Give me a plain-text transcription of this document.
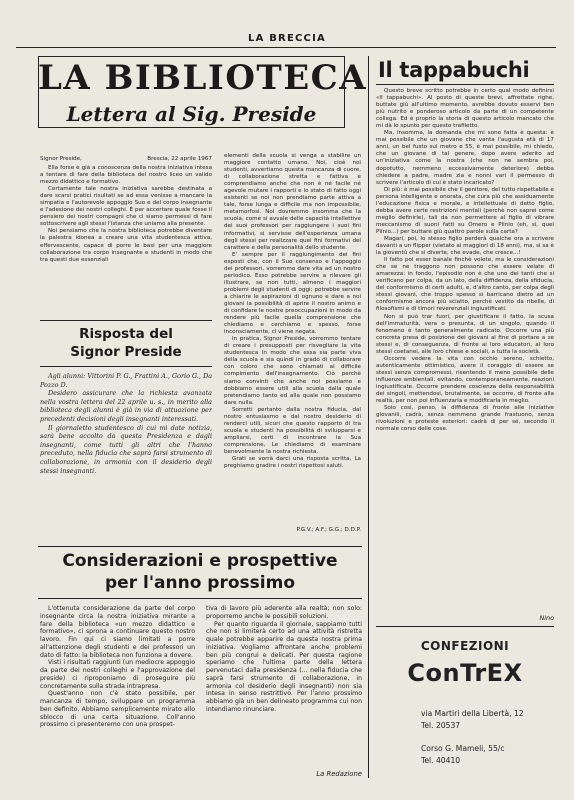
LA BRECCIA
LA BIBLIOTECA
Lettera al Sig. Preside
Signor Preside,	Brescia, 22 aprile 1967

Ella forse è già a conoscenza della nostra iniziativa intesa a tentare di fare della biblioteca del nostro liceo un valido mezzo didattico e formativo.

Certamente tale nostra iniziativa sarebbe destinata a dare scarsi pratici risultati se ad essa venisse a mancare la simpatia e l'autorevole appoggio Suo e del corpo insegnante e l'adesione dei nostri colleghi. È per accertare quale fosse il pensiero dei nostri compagni che ci siamo permessi di fare sottoscrivere agli stessi l'istanza che uniamo alla presente.

Noi pensiamo che la nostra biblioteca potrebbe diventare la palestra idonea a creare una vita studentesca attiva, effervescente, capace di porre le basi per una maggiore collaborazione tra corpo insegnante e studenti in modo che tra questi due essenziali

elementi della scuola si venga a stabilire un maggiore contatto umano. Noi, cioè noi studenti, avvertiamo questa mancanza di cuore, di collaborazione stretta e fattiva e comprendiamo anche che non è né facile né agevole mutare i rapporti e lo stato di fatto oggi esistenti se noi non prendiamo parte attiva a tale, forse lunga e difficile ma non impossibile, metamorfosi. Noi dovremmo insomma che la scuola, come si avvale delle capacità intellettive dei suoi professori per raggiungere i suoi fini informativi, si servisse dell'esperienza umana degli stessi per realizzare quei fini formativi del carattere e della personalità dello studente.

E' sempre per il raggiungimento dei fini esposti che, con il Suo consenso e l'appoggio dei professori, vorremmo dare vita ad un nostro periodico. Esso potrebbe servire a rilevare gli illustrare, se non tutti, almeno i maggiori problemi degli studenti di oggi; potrebbe servire a chiarire le aspirazioni di ognuno e dare a noi giovani la possibilità di aprire il nostro animo e di confidare le nostre preoccupazioni in modo da rendere più facile quella comprensione che chiediamo e cerchiamo e spesso, forse inconsciamente, ci viene negata.

In pratica, Signor Preside, vorremmo tentare di creare i presupposti per risvegliare la vita studentesca in modo che essa sia parte viva della scuola e sia quindi in grado di collaborare con coloro che sono chiamati al difficile compimento dell'insegnamento. Ciò perchè siamo convinti che anche noi possiamo e dobbiamo essere utili alla scuola dalla quale pretendiamo tanto ed alla quale non possiamo dare nulla.

Sorretti pertanto dalla nostra fiducia, dal nostro entusiasmo e dal nostro desiderio di renderci utili, sicuri che questo rapporto di tra scuola e studenti ha possibilità di svilupparsi e ampliarsi, certi di incontrare la Sua comprensione, Le chiediamo di esaminare benevolmente la nostra richiesta.

Grati se vorrà darci una risposta scritta, La preghiamo gradire i nostri rispettosi saluti.

P.G.V.; A.F.; G.G.; D.D.P.
Risposta del
Signor Preside

Agli alunni: Vittorini P. G., Frattini A., Gorio G., Da Pozzo D.

Desidero assicurare che la richiesta avanzata nella vostra lettera del 22 aprile u. s., in merito alla biblioteca degli alunni è già in via di attuazione per precedenti decisioni degli insegnanti interessati.

Il giornaletto studentesco di cui mi date notizia, sarà bene accolto da questa Presidenza e dagli insegnanti, come tutti gli altri che l'hanno preceduto, nella fiducia che saprà farsi strumento di collaborazione, in armonia con il desiderio degli stessi insegnanti.

Considerazioni e prospettive
per l'anno prossimo

L'ottenuta considerazione da parte del corpo insegnante circa la nostra iniziativa mirante a fare della biblioteca «un mezzo didattico e formativo», ci sprona a continuare questo nostro lavoro. Fin qui ci siamo limitati a porre all'attenzione degli studenti e dei professori un dato di fatto: la biblioteca non funziona a dovere.

Visti i risultati raggiunti (un mediocre appoggio da parte dei nostri colleghi e l'approvazione del preside) ci riproponiamo di proseguire più concretamente sulla strada intrapresa.

Quest'anno non c'è stato possibile, per mancanza di tempo, sviluppare un programma ben definito. Abbiamo semplicemente mirato allo sblocco di una certa situazione. Coll'anno prossimo ci presenteremo con una prospet-

tiva di lavoro più aderente alla realtà; non solo: proporremo anche le possibili soluzioni.

Per quanto riguarda il giornale, sappiamo tutti che non si limiterà certo ad una attività ristretta quale potrebbe apparire da questa nostra prima iniziativa. Vogliamo affrontare anche problemi ben più congrui e delicati. Per questa ragione speriamo che l'ultima parte della lettera pervenutaci dalla presidenza (... nella fiducia che saprà farsi strumento di collaborazione, in armonia col desiderio degli insegnanti) non sia intesa in senso restrittivo. Per l'anno prossimo abbiamo già un ben delineato programma cui non intendiamo rinunciare.

La Redazione
Il tappabuchi

Questo breve scritto potrebbe in certo qual modo definirsi «Il tappabuchi». Al posto di queste brevi, affrettate righe, buttate giù all'ultimo momento, avrebbe dovuto esservi ben più nutrito e ponderoso articolo da parte di un competente collega. Ed è proprio la storia di questo articolo mancato che mi dà lo spunto per questo trafiletto.

Ma, insomma, la domanda che mi sono fatta è questa: è mai possibile che un giovane che vanta l'augusta età di 17 anni, un bel fusto sul metro e 55, è mai possibile, mi chiedo, che un giovane di tal genere, dopo avere aderito ad un'iniziativa come la nostra (che non ne sembra poi, dopotutto, nemmeno eccessivamente deteriore) debba chiedere a padre, madre zia e nonni vari il permesso di scrivere l'articolo di cui è stato incaricato?

Di più: è mai possibile che il genitore, del tutto rispettabile e persona intelligente e onorata, che cura più che assiduamente l'educazione fisica e morale, e intellettuale di detto figlio, debba avere certe restrizioni mentali (perchè non saprei come meglio definirle), tali da non permettere al figlio di vibrare meccanismo di suoni fatti su Omero e Plinio (eh, sì, quei Plinio...) per buttare giù quattro parole sulla carta?

Magari, poi, lo stesso figlio perderà qualche ora a scrivere davanti a un flipper (vietato ai maggiori di 18 anni), ma, si sa è la gioventù che si diverte, che evade, che cresce...!

Il fatto poi esser banale finchè volete, ma le considerazioni che se ne traggono non possono che essere velate di amarezza: in fondo, l'episodio non è che uno dei tanti che si verificano per colpa, da un lato, della diffidenza, della sfiducia, del conformismo di certi adulti, e, d'altro canto, per colpa degli stessi giovani, che troppo spesso si barricano dietro ad un conformismo ancora più sciatto, perchè vestito da ribelle, di filosofismi e di timori reverenziali ingiustificati.

Non si può trar fuori, per giustificare il fatto, la scusa dell'immaturità, vera o presunta, di un singolo, quando il fenomeno è tanto generalmente radicato. Occorre una più concreta presa di posizione dei giovani al fine di portare a se stessi e, di conseguenza, di fronte ai loro educatori, al loro stessi coetanei, alle loro chiese e sociali, a tutta la società.

Occorre vedere la vita con occhio sereno, schietto, autenticamente ottimistico, avere il coraggio di essere se stessi senza compromessi, risentendo il meno possibile delle influenze ambientali, evitando, contemporaneamente, reazioni ingiustificate. Occorre prendere coscienza della responsabilità dei singoli, mettendosi, brutalmente, se occorre, di fronte alla realtà, per non poi influenzarla e modificarla in meglio.

Solo così, penso, la diffidenza di fronte alle iniziative giovanili, cadrà, senza nemmeno grande frastuono, senza rivoluzioni e proteste esteriori: cadrà di per sé, secondo il normale corso delle cose.

Nino
CONFEZIONI
ConTrEX
via Martiri della Libertà, 12
Tel. 20537
Corso G. Mameli, 55/c
Tel. 40410
